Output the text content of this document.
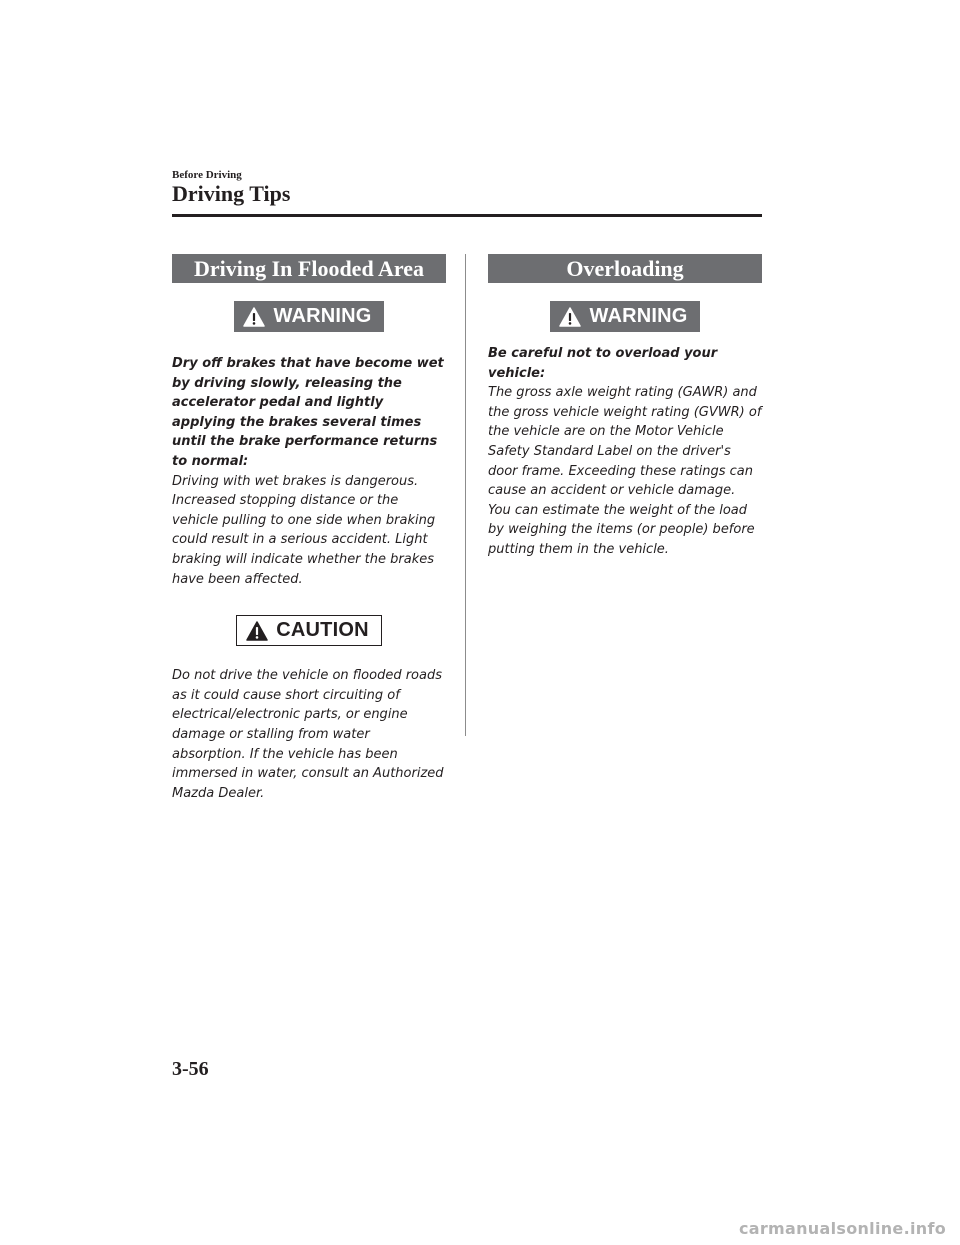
Before Driving
Driving Tips
Driving In Flooded Area
WARNING

Dry off brakes that have become wet by driving slowly, releasing the accelerator pedal and lightly applying the brakes several times until the brake performance returns to normal:

Driving with wet brakes is dangerous. Increased stopping distance or the vehicle pulling to one side when braking could result in a serious accident. Light braking will indicate whether the brakes have been affected.

CAUTION

Do not drive the vehicle on flooded roads as it could cause short circuiting of electrical/electronic parts, or engine damage or stalling from water absorption. If the vehicle has been immersed in water, consult an Authorized Mazda Dealer.

Overloading
WARNING

Be careful not to overload your vehicle:

The gross axle weight rating (GAWR) and the gross vehicle weight rating (GVWR) of the vehicle are on the Motor Vehicle Safety Standard Label on the driver's door frame. Exceeding these ratings can cause an accident or vehicle damage. You can estimate the weight of the load by weighing the items (or people) before putting them in the vehicle.

3-56
carmanualsonline.info
